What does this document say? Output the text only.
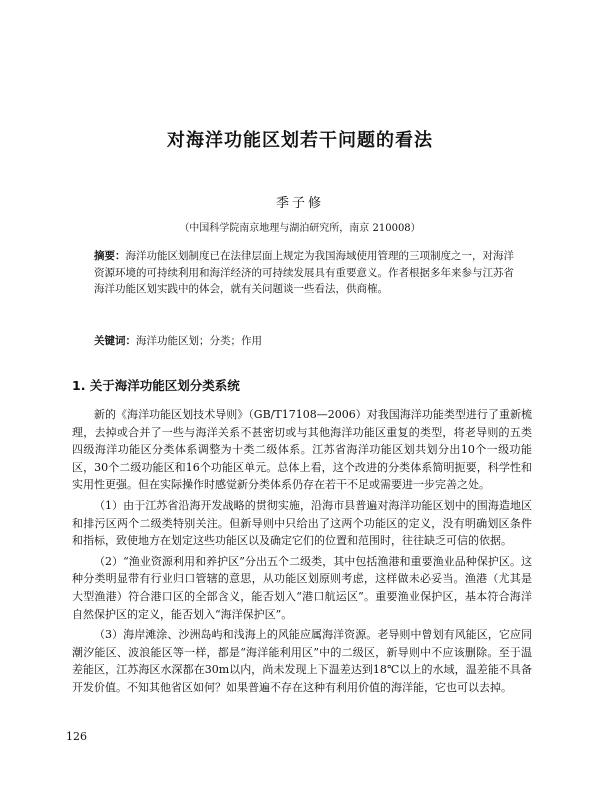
对海洋功能区划若干问题的看法
季子修
（中国科学院南京地理与湖泊研究所，南京 210008）
摘要：海洋功能区划制度已在法律层面上规定为我国海域使用管理的三项制度之一，对海洋资源环境的可持续利用和海洋经济的可持续发展具有重要意义。作者根据多年来参与江苏省海洋功能区划实践中的体会，就有关问题谈一些看法，供商榷。
关键词：海洋功能区划；分类；作用
1. 关于海洋功能区划分类系统

新的《海洋功能区划技术导则》（GB/T17108—2006）对我国海洋功能类型进行了重新梳理，去掉或合并了一些与海洋关系不甚密切或与其他海洋功能区重复的类型，将老导则的五类四级海洋功能区分类体系调整为十类二级体系。江苏省海洋功能区划共划分出10个一级功能区，30个二级功能区和16个功能区单元。总体上看，这个改进的分类体系简明扼要，科学性和实用性更强。但在实际操作时感觉新分类体系仍存在若干不足或需要进一步完善之处。

（1）由于江苏省沿海开发战略的贯彻实施，沿海市县普遍对海洋功能区划中的围海造地区和排污区两个二级类特别关注。但新导则中只给出了这两个功能区的定义，没有明确划区条件和指标，致使地方在划定这些功能区以及确定它们的位置和范围时，往往缺乏可信的依据。

（2）“渔业资源利用和养护区”分出五个二级类，其中包括渔港和重要渔业品种保护区。这种分类明显带有行业归口管辖的意思，从功能区划原则考虑，这样做未必妥当。渔港（尤其是大型渔港）符合港口区的全部含义，能否划入“港口航运区”。重要渔业保护区，基本符合海洋自然保护区的定义，能否划入“海洋保护区”。

（3）海岸滩涂、沙洲岛屿和浅海上的风能应属海洋资源。老导则中曾划有风能区，它应同潮汐能区、波浪能区等一样，都是“海洋能利用区”中的二级区，新导则中不应该删除。至于温差能区，江苏海区水深都在30m以内，尚未发现上下温差达到18℃以上的水域，温差能不具备开发价值。不知其他省区如何？如果普遍不存在这种有利用价值的海洋能，它也可以去掉。

126
